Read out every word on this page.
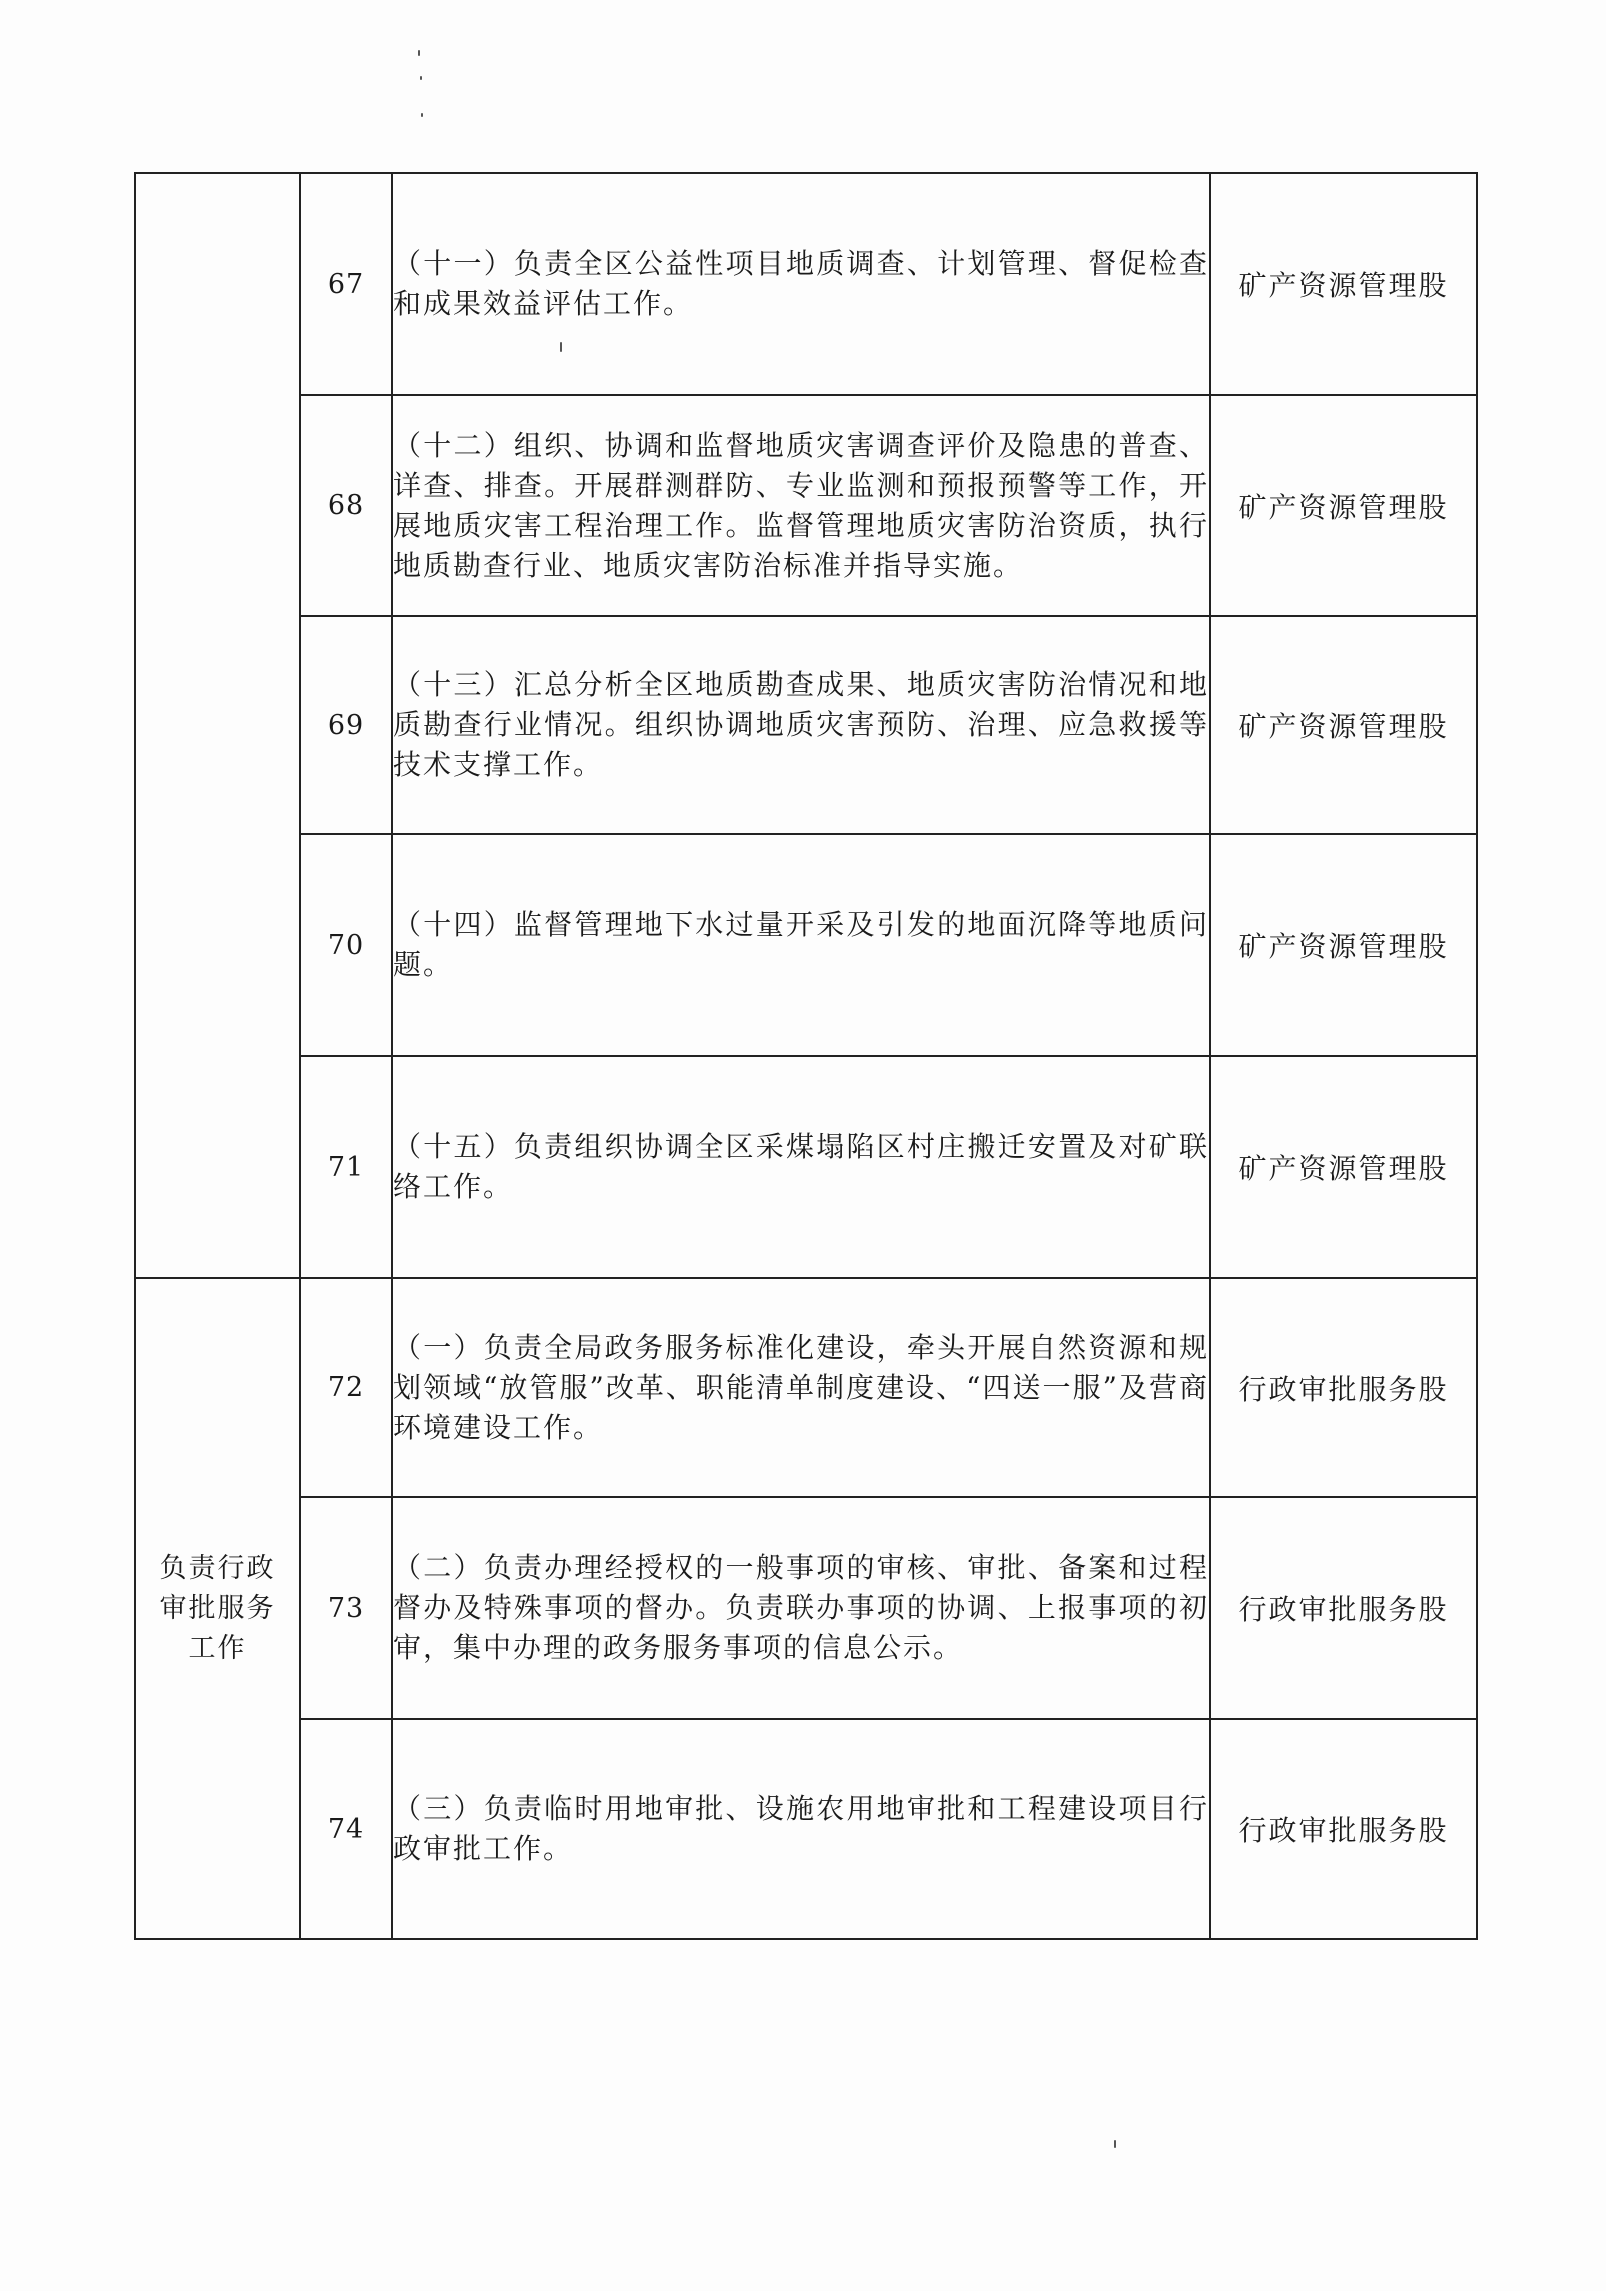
	67	（十一）负责全区公益性项目地质调查、计划管理、督促检查和成果效益评估工作。	矿产资源管理股
	68	（十二）组织、协调和监督地质灾害调查评价及隐患的普查、详查、排查。开展群测群防、专业监测和预报预警等工作，开展地质灾害工程治理工作。监督管理地质灾害防治资质，执行地质勘查行业、地质灾害防治标准并指导实施。	矿产资源管理股
	69	（十三）汇总分析全区地质勘查成果、地质灾害防治情况和地质勘查行业情况。组织协调地质灾害预防、治理、应急救援等技术支撑工作。	矿产资源管理股
	70	（十四）监督管理地下水过量开采及引发的地面沉降等地质问题。	矿产资源管理股
	71	（十五）负责组织协调全区采煤塌陷区村庄搬迁安置及对矿联络工作。	矿产资源管理股
负责行政审批服务工作	72	（一）负责全局政务服务标准化建设，牵头开展自然资源和规划领域“放管服”改革、职能清单制度建设、“四送一服”及营商环境建设工作。	行政审批服务股
	73	（二）负责办理经授权的一般事项的审核、审批、备案和过程督办及特殊事项的督办。负责联办事项的协调、上报事项的初审，集中办理的政务服务事项的信息公示。	行政审批服务股
	74	（三）负责临时用地审批、设施农用地审批和工程建设项目行政审批工作。	行政审批服务股
